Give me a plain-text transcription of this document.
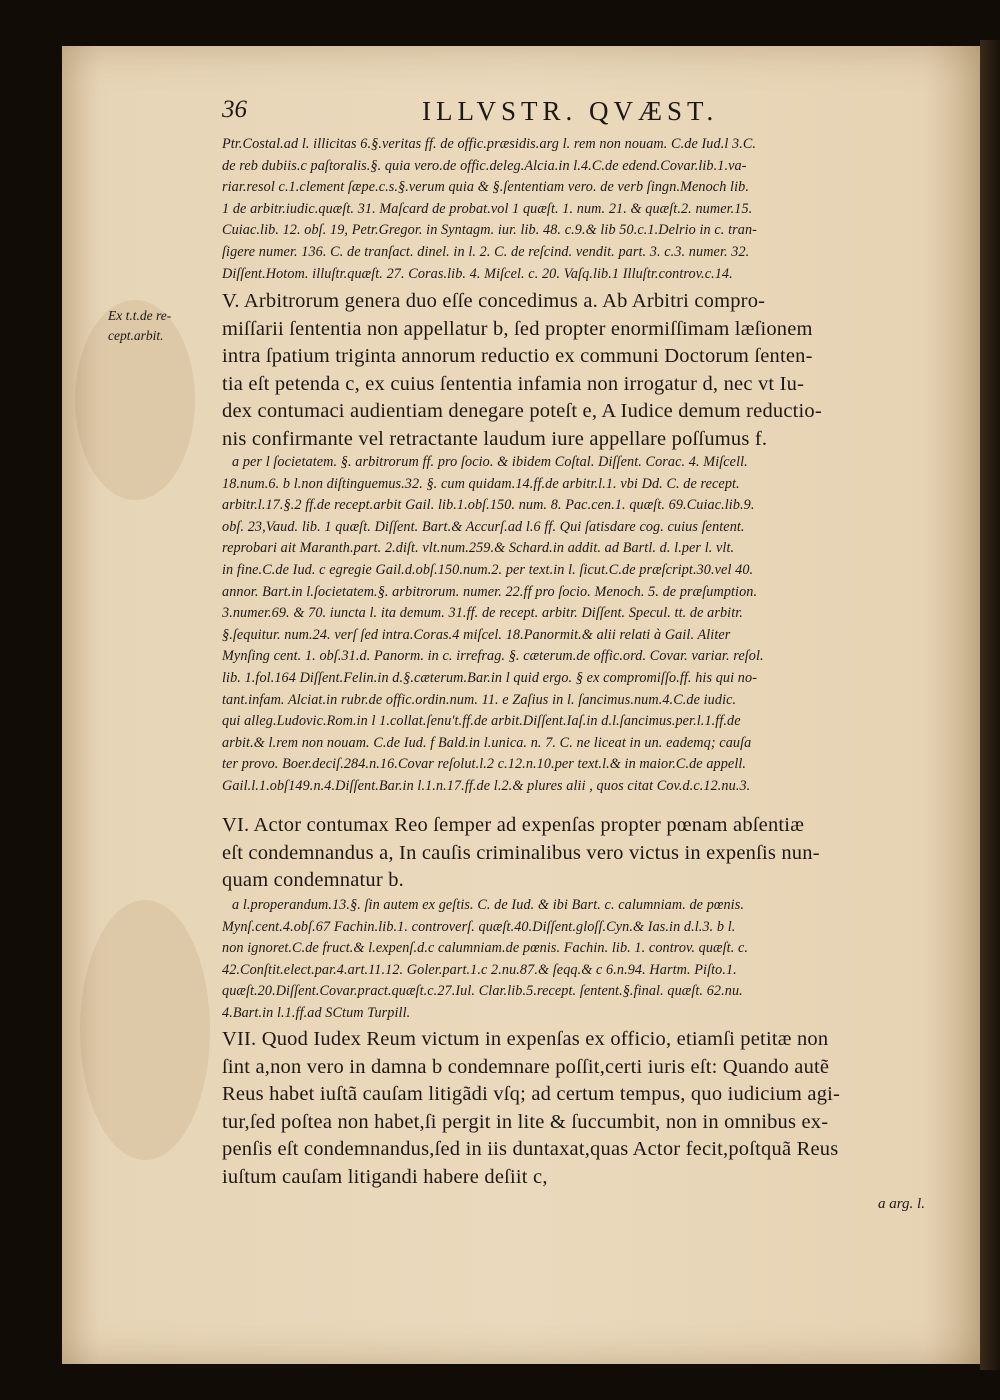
36	ILLVSTR. QVÆST.
Ex t.t.de re-
cept.arbit.
Ptr.Costal.ad l. illicitas 6.§.veritas ff. de offic.præsidis.arg l. rem non nouam. C.de Iud.l 3.C.
de reb dubiis.c paſtoralis.§. quia vero.de offic.deleg.Alcia.in l.4.C.de edend.Covar.lib.1.va-
riar.resol c.1.clement ſæpe.c.s.§.verum quia & §.ſententiam vero. de verb ſingn.Menoch lib.
1 de arbitr.iudic.quæſt. 31. Maſcard de probat.vol 1 quæſt. 1. num. 21. & quæſt.2. numer.15.
Cuiac.lib. 12. obſ. 19, Petr.Gregor. in Syntagm. iur. lib. 48. c.9.& lib 50.c.1.Delrio in c. tran-
ſigere numer. 136. C. de tranſact. dinel. in l. 2. C. de reſcind. vendit. part. 3. c.3. numer. 32.
Diſſent.Hotom. illuſtr.quæſt. 27. Coras.lib. 4. Miſcel. c. 20. Vaſq.lib.1 Illuſtr.controv.c.14.
V. Arbitrorum genera duo eſſe concedimus a. Ab Arbitri compro-
miſſarii ſententia non appellatur b, ſed propter enormiſſimam læſionem
intra ſpatium triginta annorum reductio ex communi Doctorum ſenten-
tia eſt petenda c, ex cuius ſententia infamia non irrogatur d, nec vt Iu-
dex contumaci audientiam denegare poteſt e, A Iudice demum reductio-
nis confirmante vel retractante laudum iure appellare poſſumus f.
a per l ſocietatem. §. arbitrorum ff. pro ſocio. & ibidem Coſtal. Diſſent. Corac. 4. Miſcell.
18.num.6. b l.non diſtinguemus.32. §. cum quidam.14.ff.de arbitr.l.1. vbi Dd. C. de recept.
arbitr.l.17.§.2 ff.de recept.arbit Gail. lib.1.obſ.150. num. 8. Pac.cen.1. quæſt. 69.Cuiac.lib.9.
obſ. 23,Vaud. lib. 1 quæſt. Diſſent. Bart.& Accurſ.ad l.6 ff. Qui ſatisdare cog. cuius ſentent.
reprobari ait Maranth.part. 2.diſt. vlt.num.259.& Schard.in addit. ad Bartl. d. l.per l. vlt.
in fine.C.de Iud. c egregie Gail.d.obſ.150.num.2. per text.in l. ſicut.C.de præſcript.30.vel 40.
annor. Bart.in l.ſocietatem.§. arbitrorum. numer. 22.ff pro ſocio. Menoch. 5. de præſumption.
3.numer.69. & 70. iuncta l. ita demum. 31.ff. de recept. arbitr. Diſſent. Specul. tt. de arbitr.
§.ſequitur. num.24. verſ ſed intra.Coras.4 miſcel. 18.Panormit.& alii relati à Gail. Aliter
Mynſing cent. 1. obſ.31.d. Panorm. in c. irrefrag. §. cæterum.de offic.ord. Covar. variar. reſol.
lib. 1.fol.164 Diſſent.Felin.in d.§.cæterum.Bar.in l quid ergo. § ex compromiſſo.ff. his qui no-
tant.infam. Alciat.in rubr.de offic.ordin.num. 11. e Zaſius in l. ſancimus.num.4.C.de iudic.
qui alleg.Ludovic.Rom.in l 1.collat.ſenu't.ff.de arbit.Diſſent.Iaſ.in d.l.ſancimus.per.l.1.ff.de
arbit.& l.rem non nouam. C.de Iud. f Bald.in l.unica. n. 7. C. ne liceat in un. eademq; cauſa
ter provo. Boer.deciſ.284.n.16.Covar reſolut.l.2 c.12.n.10.per text.l.& in maior.C.de appell.
Gail.l.1.obſ149.n.4.Diſſent.Bar.in l.1.n.17.ff.de l.2.& plures alii , quos citat Cov.d.c.12.nu.3.
VI. Actor contumax Reo ſemper ad expenſas propter pœnam abſentiæ
eſt condemnandus a, In cauſis criminalibus vero victus in expenſis nun-
quam condemnatur b.
a l.properandum.13.§. ſin autem ex geſtis. C. de Iud. & ibi Bart. c. calumniam. de pœnis.
Mynſ.cent.4.obſ.67 Fachin.lib.1. controverſ. quæſt.40.Diſſent.gloſſ.Cyn.& Ias.in d.l.3. b l.
non ignoret.C.de fruct.& l.expenſ.d.c calumniam.de pœnis. Fachin. lib. 1. controv. quæſt. c.
42.Conſtit.elect.par.4.art.11.12. Goler.part.1.c 2.nu.87.& ſeqq.& c 6.n.94. Hartm. Piſto.1.
quæſt.20.Diſſent.Covar.pract.quæſt.c.27.Iul. Clar.lib.5.recept. ſentent.§.final. quæſt. 62.nu.
4.Bart.in l.1.ff.ad SCtum Turpill.
VII. Quod Iudex Reum victum in expenſas ex officio, etiamſi petitæ non
ſint a,non vero in damna b condemnare poſſit,certi iuris eſt: Quando autẽ
Reus habet iuſtã cauſam litigãdi vſq; ad certum tempus, quo iudicium agi-
tur,ſed poſtea non habet,ſi pergit in lite & ſuccumbit, non in omnibus ex-
penſis eſt condemnandus,ſed in iis duntaxat,quas Actor fecit,poſtquã Reus
iuſtum cauſam litigandi habere deſiit c,
a arg. l.
